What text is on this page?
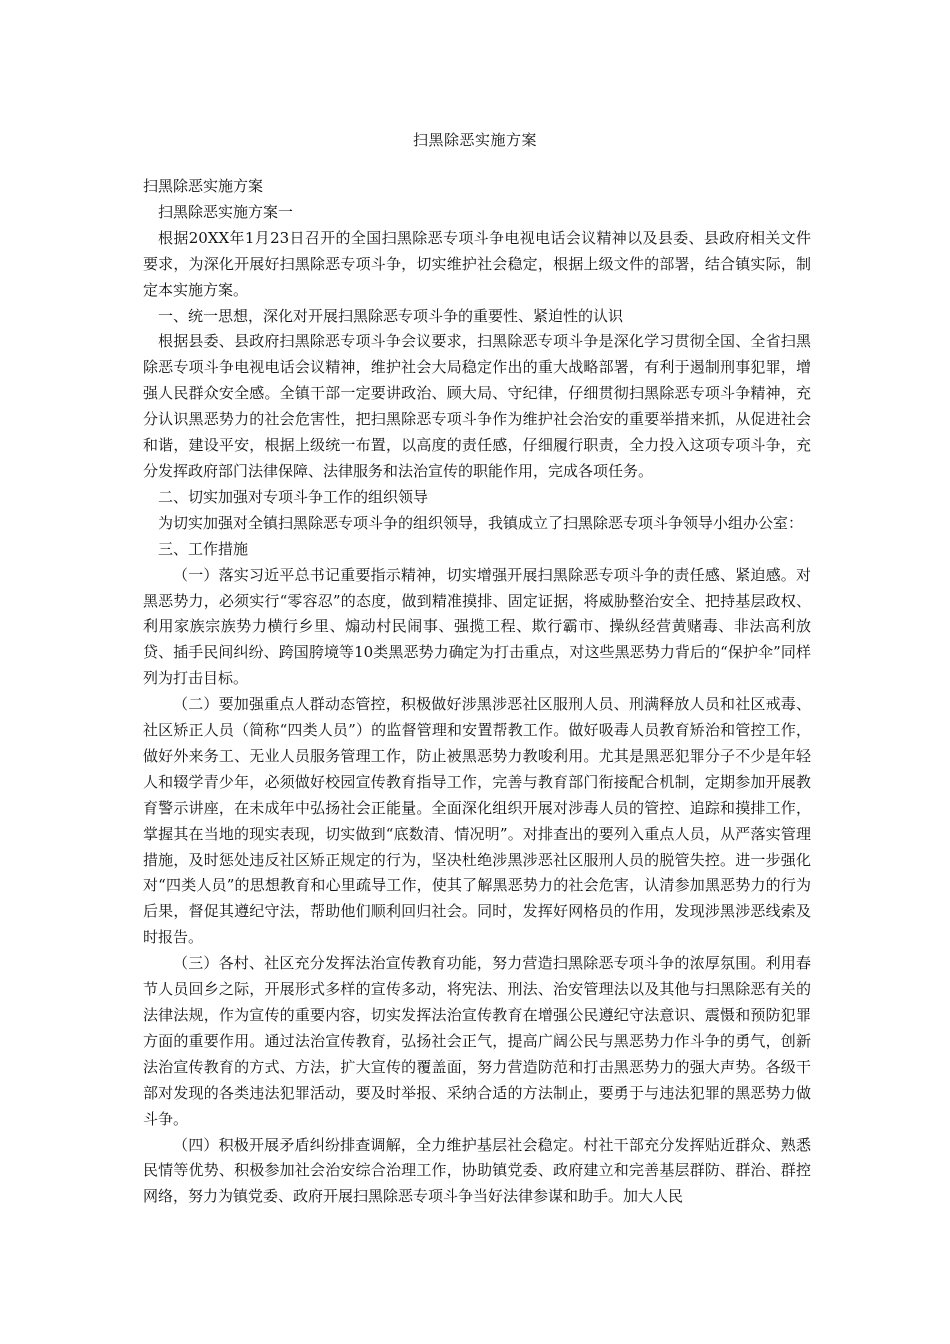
扫黑除恶实施方案

扫黑除恶实施方案

扫黑除恶实施方案一

根据20XX年1月23日召开的全国扫黑除恶专项斗争电视电话会议精神以及县委、县政府相关文件要求，为深化开展好扫黑除恶专项斗争，切实维护社会稳定，根据上级文件的部署，结合镇实际，制定本实施方案。

一、统一思想，深化对开展扫黑除恶专项斗争的重要性、紧迫性的认识

根据县委、县政府扫黑除恶专项斗争会议要求，扫黑除恶专项斗争是深化学习贯彻全国、全省扫黑除恶专项斗争电视电话会议精神，维护社会大局稳定作出的重大战略部署，有利于遏制刑事犯罪，增强人民群众安全感。全镇干部一定要讲政治、顾大局、守纪律，仔细贯彻扫黑除恶专项斗争精神，充分认识黑恶势力的社会危害性，把扫黑除恶专项斗争作为维护社会治安的重要举措来抓，从促进社会和谐，建设平安，根据上级统一布置，以高度的责任感，仔细履行职责，全力投入这项专项斗争，充分发挥政府部门法律保障、法律服务和法治宣传的职能作用，完成各项任务。

二、切实加强对专项斗争工作的组织领导

为切实加强对全镇扫黑除恶专项斗争的组织领导，我镇成立了扫黑除恶专项斗争领导小组办公室：

三、工作措施

（一）落实习近平总书记重要指示精神，切实增强开展扫黑除恶专项斗争的责任感、紧迫感。对黑恶势力，必须实行“零容忍”的态度，做到精准摸排、固定证据，将威胁整治安全、把持基层政权、利用家族宗族势力横行乡里、煽动村民闹事、强揽工程、欺行霸市、操纵经营黄赌毒、非法高利放贷、插手民间纠纷、跨国胯境等10类黑恶势力确定为打击重点，对这些黑恶势力背后的“保护伞”同样列为打击目标。

（二）要加强重点人群动态管控，积极做好涉黑涉恶社区服刑人员、刑满释放人员和社区戒毒、社区矫正人员（简称“四类人员”）的监督管理和安置帮教工作。做好吸毒人员教育矫治和管控工作，做好外来务工、无业人员服务管理工作，防止被黑恶势力教唆利用。尤其是黑恶犯罪分子不少是年轻人和辍学青少年，必须做好校园宣传教育指导工作，完善与教育部门衔接配合机制，定期参加开展教育警示讲座，在未成年中弘扬社会正能量。全面深化组织开展对涉毒人员的管控、追踪和摸排工作，掌握其在当地的现实表现，切实做到“底数清、情况明”。对排查出的要列入重点人员，从严落实管理措施，及时惩处违反社区矫正规定的行为，坚决杜绝涉黑涉恶社区服刑人员的脱管失控。进一步强化对“四类人员”的思想教育和心里疏导工作，使其了解黑恶势力的社会危害，认清参加黑恶势力的行为后果，督促其遵纪守法，帮助他们顺利回归社会。同时，发挥好网格员的作用，发现涉黑涉恶线索及时报告。

（三）各村、社区充分发挥法治宣传教育功能，努力营造扫黑除恶专项斗争的浓厚氛围。利用春节人员回乡之际，开展形式多样的宣传多动，将宪法、刑法、治安管理法以及其他与扫黑除恶有关的法律法规，作为宣传的重要内容，切实发挥法治宣传教育在增强公民遵纪守法意识、震慑和预防犯罪方面的重要作用。通过法治宣传教育，弘扬社会正气，提高广阔公民与黑恶势力作斗争的勇气，创新法治宣传教育的方式、方法，扩大宣传的覆盖面，努力营造防范和打击黑恶势力的强大声势。各级干部对发现的各类违法犯罪活动，要及时举报、采纳合适的方法制止，要勇于与违法犯罪的黑恶势力做斗争。

（四）积极开展矛盾纠纷排查调解，全力维护基层社会稳定。村社干部充分发挥贴近群众、熟悉民情等优势、积极参加社会治安综合治理工作，协助镇党委、政府建立和完善基层群防、群治、群控网络，努力为镇党委、政府开展扫黑除恶专项斗争当好法律参谋和助手。加大人民
